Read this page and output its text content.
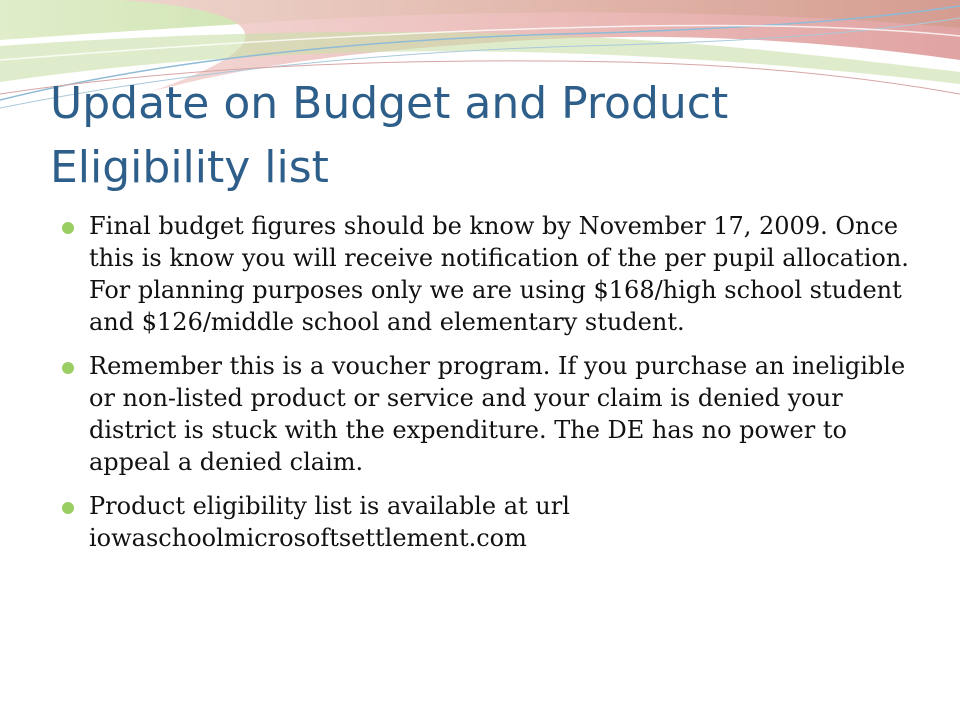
Update on Budget and Product Eligibility list
Final budget figures should be know by November 17, 2009. Once this is know you will receive notification of the per pupil allocation. For planning purposes only we are using $168/high school student and $126/middle school and elementary student.
Remember this is a voucher program. If you purchase an ineligible or non-listed product or service and your claim is denied your district is stuck with the expenditure. The DE has no power to appeal a denied claim.
Product eligibility list is available at url iowaschoolmicrosoftsettlement.com
